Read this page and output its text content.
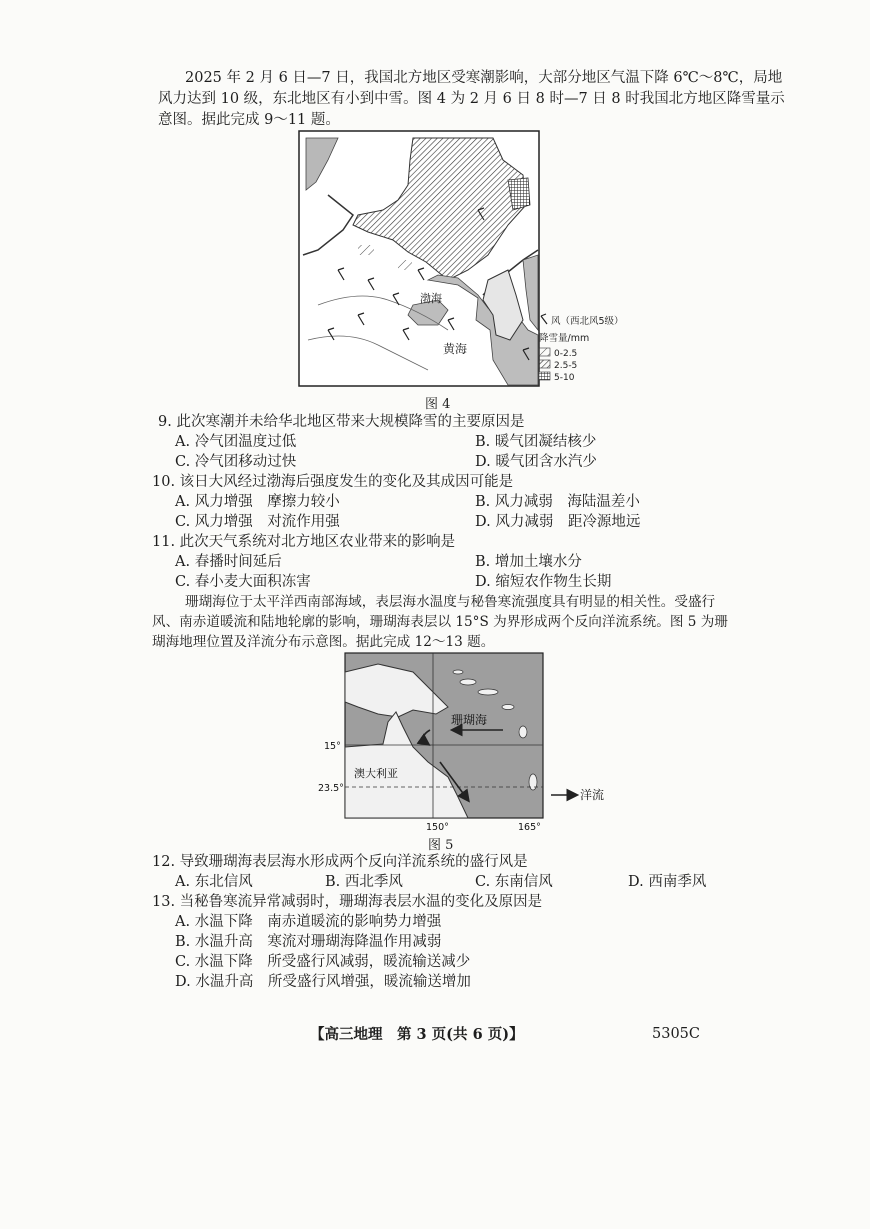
2025 年 2 月 6 日—7 日，我国北方地区受寒潮影响，大部分地区气温下降 6℃～8℃，局地
风力达到 10 级，东北地区有小到中雪。图 4 为 2 月 6 日 8 时—7 日 8 时我国北方地区降雪量示
意图。据此完成 9～11 题。
渤海
黄海
风（西北风5级）
降雪量/mm
0-2.5
2.5-5
5-10
图 4
9. 此次寒潮并未给华北地区带来大规模降雪的主要原因是
A. 冷气团温度过低	B. 暖气团凝结核少
C. 冷气团移动过快	D. 暖气团含水汽少
10. 该日大风经过渤海后强度发生的变化及其成因可能是
A. 风力增强　摩擦力较小	B. 风力减弱　海陆温差小
C. 风力增强　对流作用强	D. 风力减弱　距冷源地远
11. 此次天气系统对北方地区农业带来的影响是
A. 春播时间延后	B. 增加土壤水分
C. 春小麦大面积冻害	D. 缩短农作物生长期
珊瑚海位于太平洋西南部海域，表层海水温度与秘鲁寒流强度具有明显的相关性。受盛行
风、南赤道暖流和陆地轮廓的影响，珊瑚海表层以 15°S 为界形成两个反向洋流系统。图 5 为珊
瑚海地理位置及洋流分布示意图。据此完成 12～13 题。
珊瑚海
澳大利亚
15°
23.5°
150°	165°
洋流
图 5
12. 导致珊瑚海表层海水形成两个反向洋流系统的盛行风是
A. 东北信风	B. 西北季风	C. 东南信风	D. 西南季风
13. 当秘鲁寒流异常减弱时，珊瑚海表层水温的变化及原因是
A. 水温下降　南赤道暖流的影响势力增强
B. 水温升高　寒流对珊瑚海降温作用减弱
C. 水温下降　所受盛行风减弱，暖流输送减少
D. 水温升高　所受盛行风增强，暖流输送增加
【高三地理　第 3 页(共 6 页)】	5305C
